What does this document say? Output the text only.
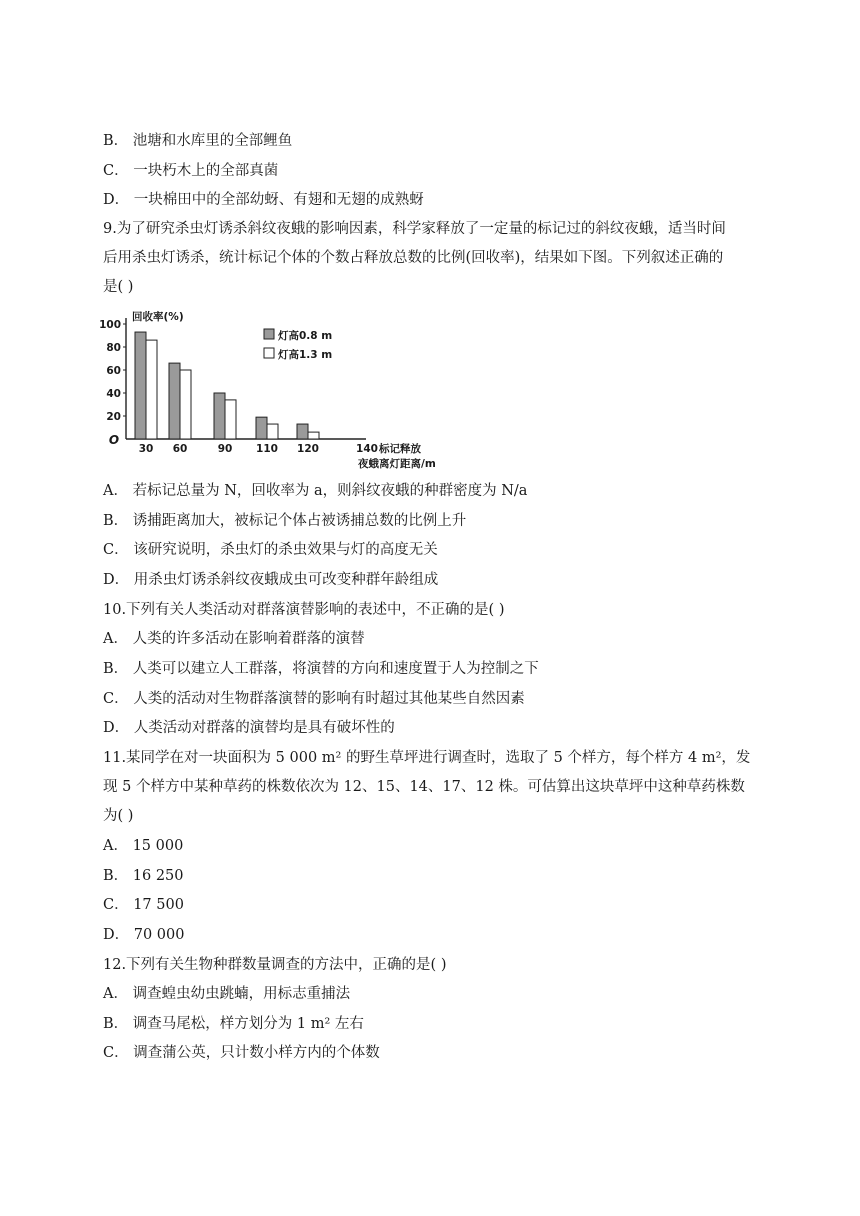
B． 池塘和水库里的全部鲤鱼
C． 一块朽木上的全部真菌
D． 一块棉田中的全部幼蚜、有翅和无翅的成熟蚜
9.为了研究杀虫灯诱杀斜纹夜蛾的影响因素，科学家释放了一定量的标记过的斜纹夜蛾，适当时间
后用杀虫灯诱杀，统计标记个体的个数占释放总数的比例(回收率)，结果如下图。下列叙述正确的
是( )
A． 若标记总量为 N，回收率为 a，则斜纹夜蛾的种群密度为 N/a
B． 诱捕距离加大，被标记个体占被诱捕总数的比例上升
C． 该研究说明，杀虫灯的杀虫效果与灯的高度无关
D． 用杀虫灯诱杀斜纹夜蛾成虫可改变种群年龄组成
10.下列有关人类活动对群落演替影响的表述中，不正确的是( )
A． 人类的许多活动在影响着群落的演替
B． 人类可以建立人工群落，将演替的方向和速度置于人为控制之下
C． 人类的活动对生物群落演替的影响有时超过其他某些自然因素
D． 人类活动对群落的演替均是具有破坏性的
11.某同学在对一块面积为 5 000 m² 的野生草坪进行调查时，选取了 5 个样方，每个样方 4 m²，发
现 5 个样方中某种草药的株数依次为 12、15、14、17、12 株。可估算出这块草坪中这种草药株数
为( )
A． 15 000
B． 16 250
C． 17 500
D． 70 000
12.下列有关生物种群数量调查的方法中，正确的是( )
A． 调查蝗虫幼虫跳蝻，用标志重捕法
B． 调查马尾松，样方划分为 1 m² 左右
C． 调查蒲公英，只计数小样方内的个体数
O
回收率(%)
100
80
60
40
20
30 60	90 110 120	140 标记释放
夜蛾离灯距离/m
灯高0.8 m
灯高1.3 m
